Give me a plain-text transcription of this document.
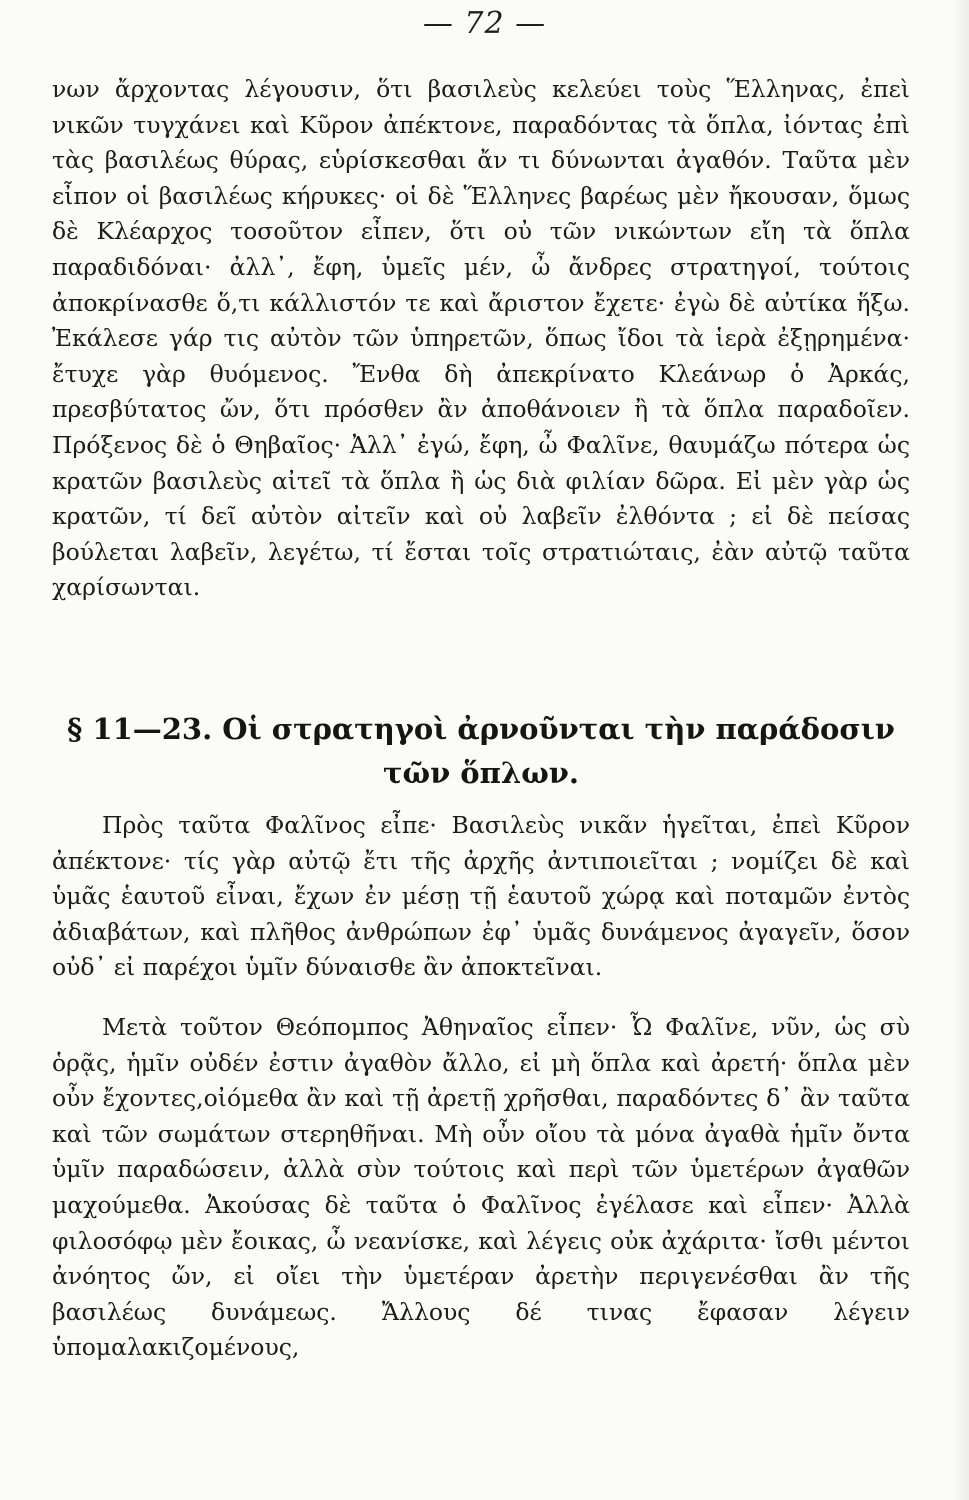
— 72 —

νων ἄρχοντας λέγουσιν, ὅτι βασιλεὺς κελεύει τοὺς Ἕλληνας, ἐπεὶ νικῶν τυγχάνει καὶ Κῦρον ἀπέκτονε, παραδόντας τὰ ὅπλα, ἰόντας ἐπὶ τὰς βασιλέως θύρας, εὑρίσκεσθαι ἄν τι δύνωνται ἀγαθόν. Ταῦτα μὲν εἶπον οἱ βασιλέως κήρυκες· οἱ δὲ Ἕλληνες βαρέως μὲν ἤκουσαν, ὅμως δὲ Κλέαρχος τοσοῦτον εἶπεν, ὅτι οὐ τῶν νικώντων εἴη τὰ ὅπλα παραδιδόναι· ἀλλ᾿, ἔφη, ὑμεῖς μέν, ὦ ἄνδρες στρατηγοί, τούτοις ἀποκρίνασθε ὅ,τι κάλλιστόν τε καὶ ἄριστον ἔχετε· ἐγὼ δὲ αὐτίκα ἥξω. Ἐκάλεσε γάρ τις αὐτὸν τῶν ὑπηρετῶν, ὅπως ἴδοι τὰ ἱερὰ ἐξῃρημένα· ἔτυχε γὰρ θυόμενος. Ἔνθα δὴ ἀπεκρίνατο Κλεάνωρ ὁ Ἀρκάς, πρεσβύτατος ὤν, ὅτι πρόσθεν ἂν ἀποθάνοιεν ἢ τὰ ὅπλα παραδοῖεν. Πρόξενος δὲ ὁ Θηβαῖος· Ἀλλ᾿ ἐγώ, ἔφη, ὦ Φαλῖνε, θαυμάζω πότερα ὡς κρατῶν βασιλεὺς αἰτεῖ τὰ ὅπλα ἢ ὡς διὰ φιλίαν δῶρα. Εἰ μὲν γὰρ ὡς κρατῶν, τί δεῖ αὐτὸν αἰτεῖν καὶ οὐ λαβεῖν ἐλθόντα ; εἰ δὲ πείσας βούλεται λαβεῖν, λεγέτω, τί ἔσται τοῖς στρατιώταις, ἐὰν αὐτῷ ταῦτα χαρίσωνται.

§ 11—23. Οἱ στρατηγοὶ ἀρνοῦνται τὴν παράδοσιν τῶν ὅπλων.

Πρὸς ταῦτα Φαλῖνος εἶπε· Βασιλεὺς νικᾶν ἡγεῖται, ἐπεὶ Κῦρον ἀπέκτονε· τίς γὰρ αὐτῷ ἔτι τῆς ἀρχῆς ἀντιποιεῖται ; νομίζει δὲ καὶ ὑμᾶς ἑαυτοῦ εἶναι, ἔχων ἐν μέσῃ τῇ ἑαυτοῦ χώρᾳ καὶ ποταμῶν ἐντὸς ἀδιαβάτων, καὶ πλῆθος ἀνθρώπων ἐφ᾿ ὑμᾶς δυνάμενος ἀγαγεῖν, ὅσον οὐδ᾿ εἰ παρέχοι ὑμῖν δύναισθε ἂν ἀποκτεῖναι.

Μετὰ τοῦτον Θεόπομπος Ἀθηναῖος εἶπεν· Ὦ Φαλῖνε, νῦν, ὡς σὺ ὁρᾷς, ἡμῖν οὐδέν ἐστιν ἀγαθὸν ἄλλο, εἰ μὴ ὅπλα καὶ ἀρετή· ὅπλα μὲν οὖν ἔχοντες,οἰόμεθα ἂν καὶ τῇ ἀρετῇ χρῆσθαι, παραδόντες δ᾿ ἂν ταῦτα καὶ τῶν σωμάτων στερηθῆναι. Μὴ οὖν οἴου τὰ μόνα ἀγαθὰ ἡμῖν ὄντα ὑμῖν παραδώσειν, ἀλλὰ σὺν τούτοις καὶ περὶ τῶν ὑμετέρων ἀγαθῶν μαχούμεθα. Ἀκούσας δὲ ταῦτα ὁ Φαλῖνος ἐγέλασε καὶ εἶπεν· Ἀλλὰ φιλοσόφῳ μὲν ἔοικας, ὦ νεανίσκε, καὶ λέγεις οὐκ ἀχάριτα· ἴσθι μέντοι ἀνόητος ὤν, εἰ οἴει τὴν ὑμετέραν ἀρετὴν περιγενέσθαι ἂν τῆς βασιλέως δυνάμεως. Ἄλλους δέ τινας ἔφασαν λέγειν ὑπομαλακιζομένους,
